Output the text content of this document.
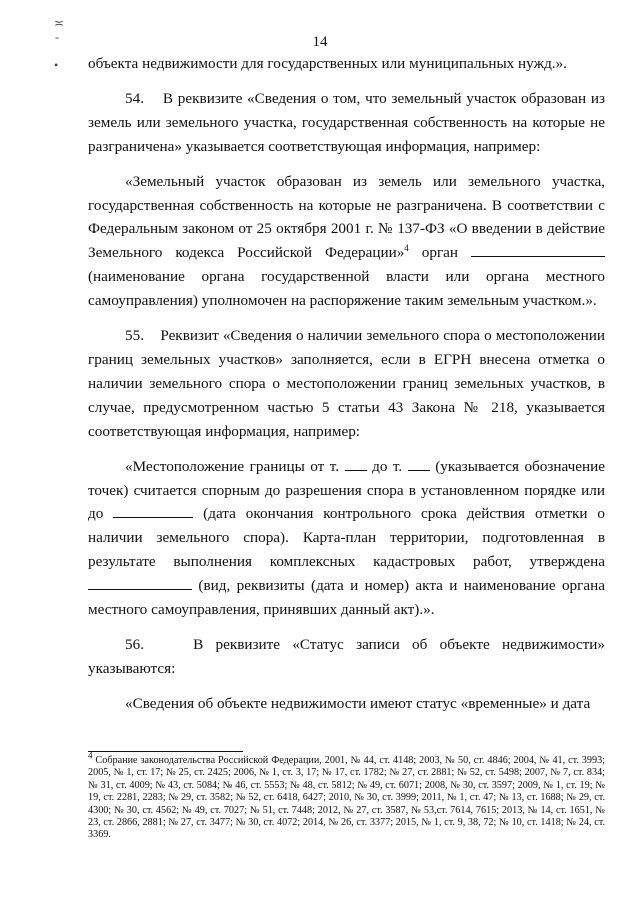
≍
-
•
14

объекта недвижимости для государственных или муниципальных нужд.».

54.    В реквизите «Сведения о том, что земельный участок образован из земель или земельного участка, государственная собственность на которые не разграничена» указывается соответствующая информация, например:

«Земельный участок образован из земель или земельного участка, государственная собственность на которые не разграничена. В соответствии с Федеральным законом от 25 октября 2001 г. № 137-ФЗ «О введении в действие Земельного кодекса Российской Федерации»$^4$ орган  (наименование органа государственной власти или органа местного самоуправления) уполномочен на распоряжение таким земельным участком.».

55.    Реквизит «Сведения о наличии земельного спора о местоположении границ земельных участков» заполняется, если в ЕГРН внесена отметка о наличии земельного спора о местоположении границ земельных участков, в случае, предусмотренном частью 5 статьи 43 Закона № 218, указывается соответствующая информация, например:

«Местоположение границы от т.  до т.  (указывается обозначение точек) считается спорным до разрешения спора в установленном порядке или до	(дата окончания контрольного срока действия отметки о наличии земельного спора). Карта-план территории, подготовленная в результате выполнения комплексных кадастровых работ, утверждена  (вид, реквизиты (дата и номер) акта и наименование органа местного самоуправления, принявших данный акт).».

56.    В реквизите «Статус записи об объекте недвижимости» указываются:

«Сведения об объекте недвижимости имеют статус «временные» и дата

$^4$ Собрание законодательства Российской Федерации, 2001, № 44, ст. 4148; 2003, № 50, ст. 4846; 2004, № 41, ст. 3993; 2005, № 1, ст. 17; № 25, ст. 2425; 2006, № 1, ст. 3, 17; № 17, ст. 1782; № 27, ст. 2881; № 52, ст. 5498; 2007, № 7, ст. 834; № 31, ст. 4009; № 43, ст. 5084; № 46, ст. 5553; № 48, ст. 5812; № 49, ст. 6071; 2008, № 30, ст. 3597; 2009, № 1, ст. 19; № 19, ст. 2281, 2283; № 29, ст. 3582; № 52, ст. 6418, 6427; 2010, № 30, ст. 3999; 2011, № 1, ст. 47; № 13, ст. 1688; № 29, ст. 4300; № 30, ст. 4562; № 49, ст. 7027; № 51, ст. 7448; 2012, № 27, ст. 3587, № 53,ст. 7614, 7615; 2013, № 14, ст. 1651, № 23, ст. 2866, 2881; № 27, ст. 3477; № 30, ст. 4072; 2014, № 26, ст. 3377; 2015, № 1, ст. 9, 38, 72; № 10, ст. 1418; № 24, ст. 3369.
